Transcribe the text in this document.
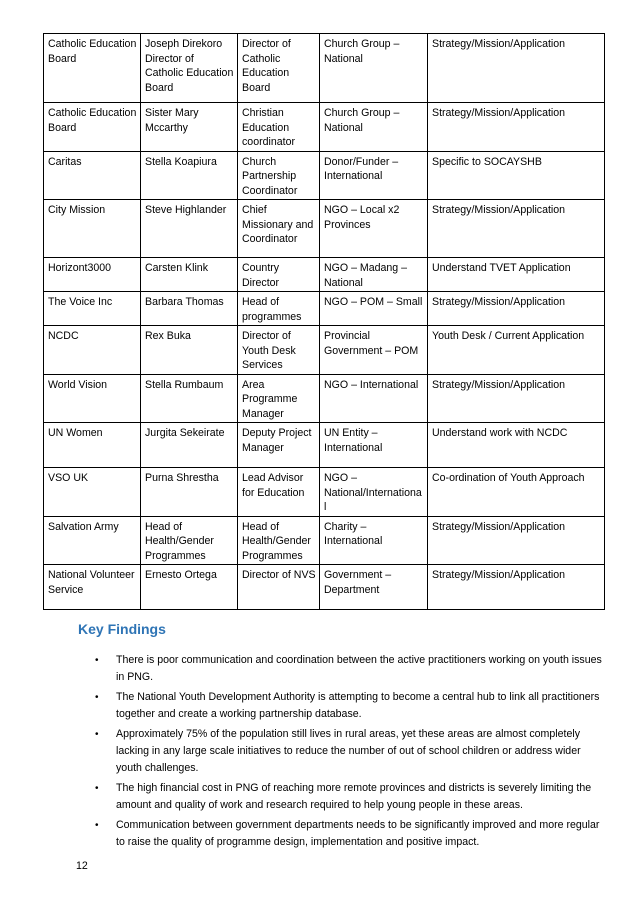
Catholic Education Board	Joseph Direkoro Director of Catholic Education Board	Director of Catholic Education Board	Church Group – National	Strategy/Mission/Application
Catholic Education Board	Sister Mary Mccarthy	Christian Education coordinator	Church Group – National	Strategy/Mission/Application
Caritas	Stella Koapiura	Church Partnership Coordinator	Donor/Funder – International	Specific to SOCAYSHB
City Mission	Steve Highlander	Chief Missionary and Coordinator	NGO – Local x2 Provinces	Strategy/Mission/Application
Horizont3000	Carsten Klink	Country Director	NGO – Madang – National	Understand TVET Application
The Voice Inc	Barbara Thomas	Head of programmes	NGO – POM – Small	Strategy/Mission/Application
NCDC	Rex Buka	Director of Youth Desk Services	Provincial Government – POM	Youth Desk / Current Application
World Vision	Stella Rumbaum	Area Programme Manager	NGO – International	Strategy/Mission/Application
UN Women	Jurgita Sekeirate	Deputy Project Manager	UN Entity – International	Understand work with NCDC
VSO UK	Purna Shrestha	Lead Advisor for Education	NGO – National/International	Co-ordination of Youth Approach
Salvation Army	Head of Health/Gender Programmes	Head of Health/Gender Programmes	Charity – International	Strategy/Mission/Application
National Volunteer Service	Ernesto Ortega	Director of NVS	Government – Department	Strategy/Mission/Application
Key Findings
• There is poor communication and coordination between the active practitioners working on youth issues in PNG.
• The National Youth Development Authority is attempting to become a central hub to link all practitioners together and create a working partnership database.
• Approximately 75% of the population still lives in rural areas, yet these areas are almost completely lacking in any large scale initiatives to reduce the number of out of school children or address wider youth challenges.
• The high financial cost in PNG of reaching more remote provinces and districts is severely limiting the amount and quality of work and research required to help young people in these areas.
• Communication between government departments needs to be significantly improved and more regular to raise the quality of programme design, implementation and positive impact.
12
